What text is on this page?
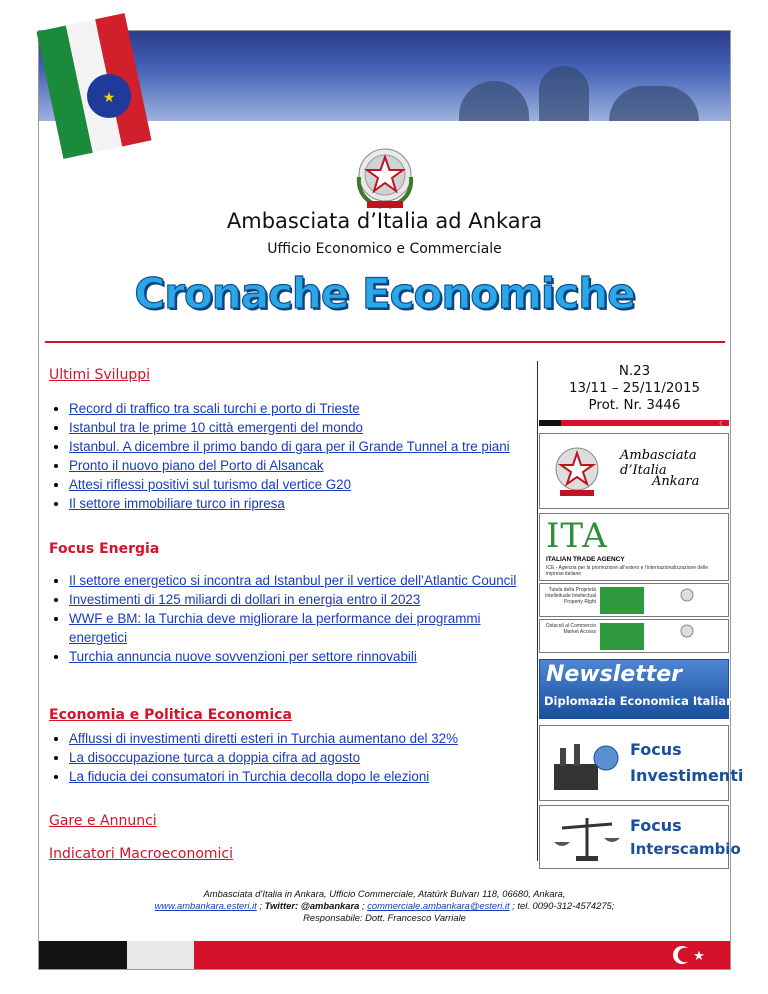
★
Ambasciata d’Italia ad Ankara
Ufficio Economico e Commerciale
Cronache Economiche
Ultimi Sviluppi
• Record di traffico tra scali turchi e porto di Trieste
• Istanbul tra le prime 10 città emergenti del mondo
• Istanbul. A dicembre il primo bando di gara per il Grande Tunnel a tre piani
• Pronto il nuovo piano del Porto di Alsancak
• Attesi riflessi positivi sul turismo dal vertice G20
• Il settore immobiliare turco in ripresa
Focus Energia
• Il settore energetico si incontra ad Istanbul per il vertice dell’Atlantic Council
• Investimenti di 125 miliardi di dollari in energia entro il 2023
• WWF e BM: la Turchia deve migliorare la performance dei programmi energetici
• Turchia annuncia nuove sovvenzioni per settore rinnovabili
Economia e Politica Economica
• Afflussi di investimenti diretti esteri in Turchia aumentano del 32%
• La disoccupazione turca a doppia cifra ad agosto
• La fiducia dei consumatori in Turchia decolla dopo le elezioni
Gare e Annunci
Indicatori Macroeconomici
N.23
13/11 – 25/11/2015
Prot. Nr. 3446
☾
Ambasciata d’Italia
Ankara
ITA
ITALIAN TRADE AGENCY
ICE - Agenzia per la promozione all'estero e l'internazionalizzazione delle imprese italiane
Tutela della Proprietà Intellettuale Intellectual Property Right
Ostacoli al Commercio Market Access
Newsletter
Diplomazia Economica Italiana
Focus
Investimenti
Focus
Interscambio
Ambasciata d’Italia in Ankara, Ufficio Commerciale, Atatürk Bulvarı 118, 06680, Ankara,
www.ambankara.esteri.it ; Twitter: @ambankara ; commerciale.ambankara@esteri.it ; tel. 0090-312-4574275;
Responsabile: Dott. Francesco Varriale
★
